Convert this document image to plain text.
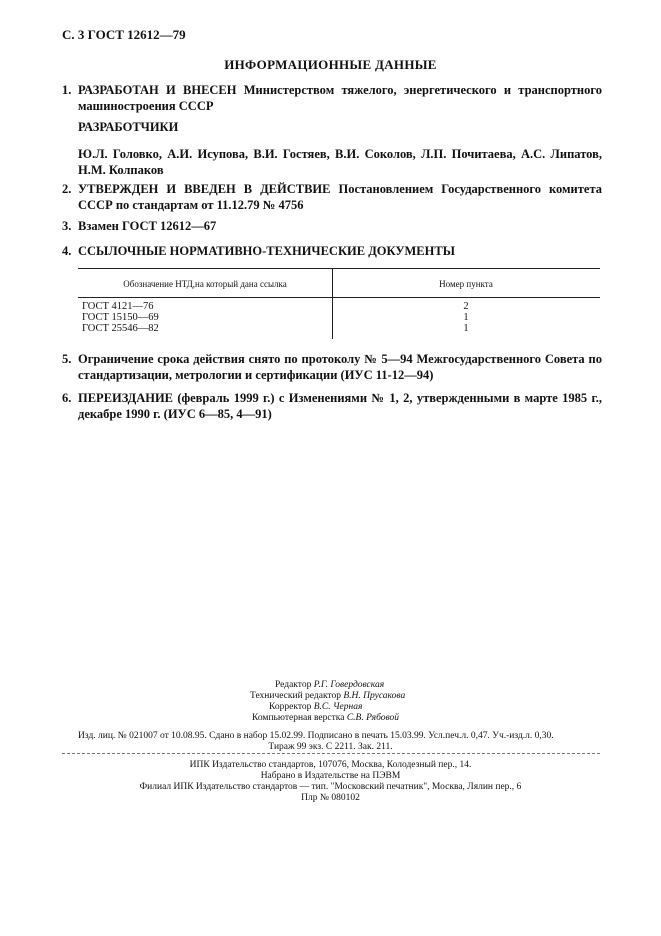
С. 3 ГОСТ 12612—79
ИНФОРМАЦИОННЫЕ ДАННЫЕ
1. РАЗРАБОТАН И ВНЕСЕН Министерством тяжелого, энергетического и транспортного машиностроения СССР
РАЗРАБОТЧИКИ
Ю.Л. Головко, А.И. Исупова, В.И. Гостяев, В.И. Соколов, Л.П. Почитаева, А.С. Липатов, Н.М. Колпаков
2. УТВЕРЖДЕН И ВВЕДЕН В ДЕЙСТВИЕ Постановлением Государственного комитета СССР по стандартам от 11.12.79 № 4756
3. Взамен ГОСТ 12612—67
4. ССЫЛОЧНЫЕ НОРМАТИВНО-ТЕХНИЧЕСКИЕ ДОКУМЕНТЫ
Обозначение НТД,на который дана ссылка	Номер пункта
ГОСТ 4121—76	2
ГОСТ 15150—69	1
ГОСТ 25546—82	1
5. Ограничение срока действия снято по протоколу № 5—94 Межгосударственного Совета по стандартизации, метрологии и сертификации (ИУС 11-12—94)
6. ПЕРЕИЗДАНИЕ (февраль 1999 г.) с Изменениями № 1, 2, утвержденными в марте 1985 г., декабре 1990 г. (ИУС 6—85, 4—91)
Редактор Р.Г. Говердовская
Технический редактор В.Н. Прусакова
Корректор В.С. Черная
Компьютерная верстка С.В. Рябовой
Изд. лиц. № 021007 от 10.08.95. Сдано в набор 15.02.99. Подписано в печать 15.03.99. Усл.печ.л. 0,47. Уч.-изд.л. 0,30.
Тираж 99 экз. С 2211. Зак. 211.
ИПК Издательство стандартов, 107076, Москва, Колодезный пер., 14.
Набрано в Издательстве на ПЭВМ
Филиал ИПК Издательство стандартов — тип. "Московский печатник", Москва, Лялин пер., 6
Плр № 080102
